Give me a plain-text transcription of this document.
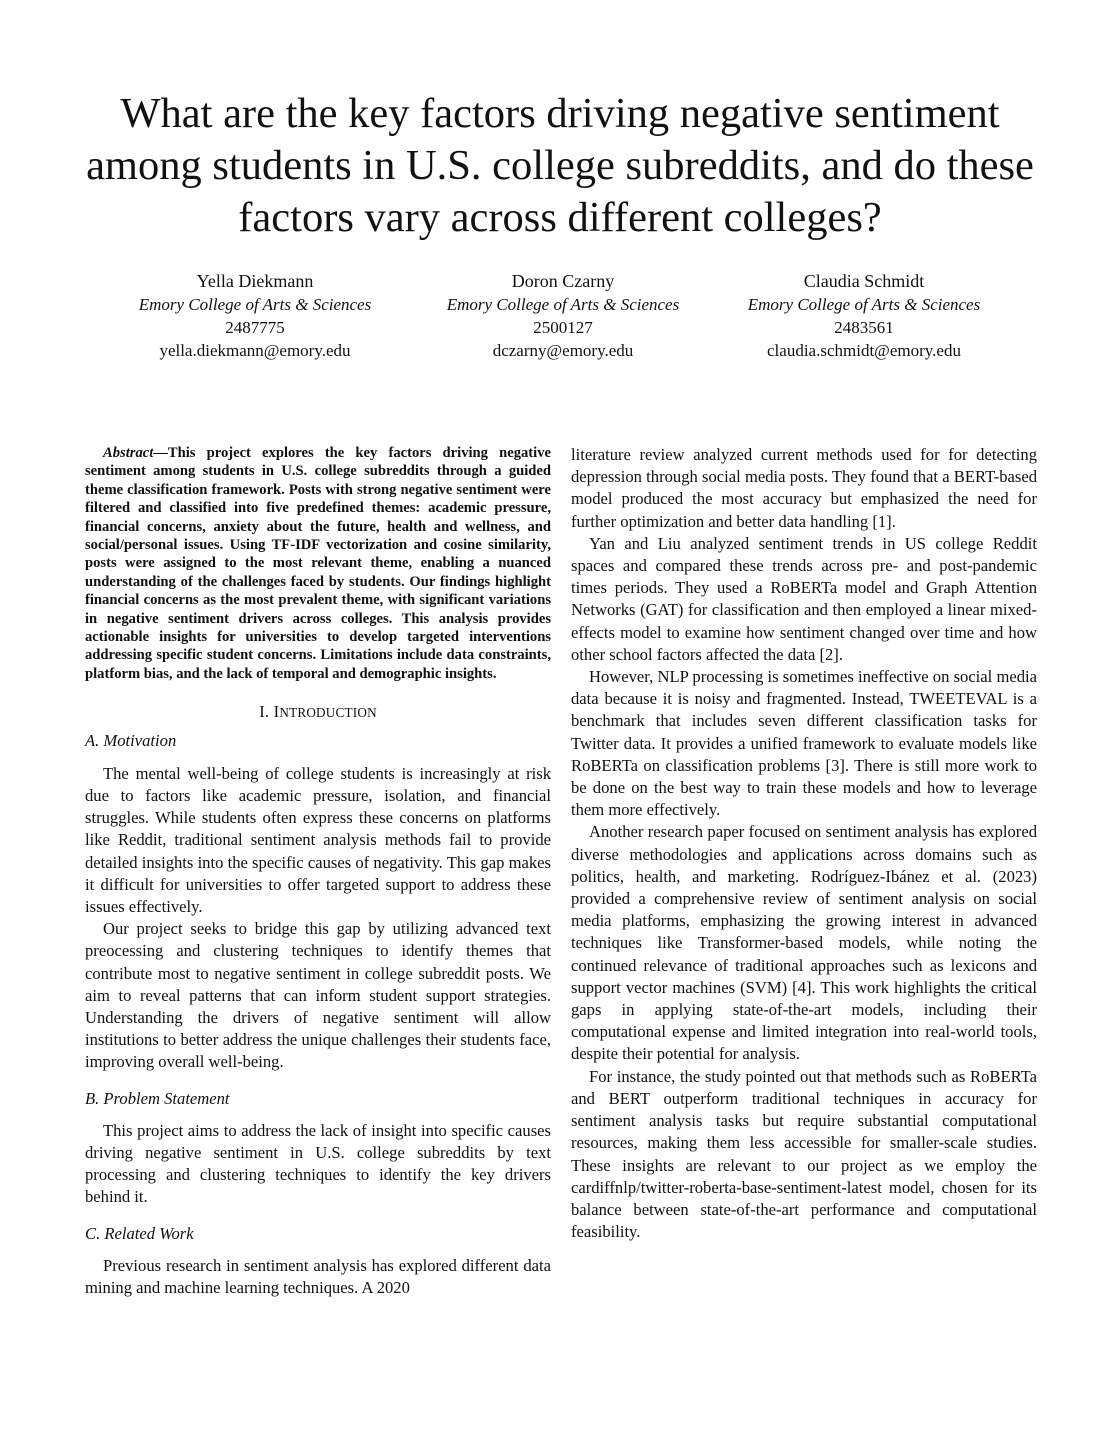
What are the key factors driving negative sentiment among students in U.S. college subreddits, and do these factors vary across different colleges?
Yella Diekmann
Emory College of Arts & Sciences
2487775
yella.diekmann@emory.edu
Doron Czarny
Emory College of Arts & Sciences
2500127
dczarny@emory.edu
Claudia Schmidt
Emory College of Arts & Sciences
2483561
claudia.schmidt@emory.edu

Abstract—This project explores the key factors driving negative sentiment among students in U.S. college subreddits through a guided theme classification framework. Posts with strong negative sentiment were filtered and classified into five predefined themes: academic pressure, financial concerns, anxiety about the future, health and wellness, and social/personal issues. Using TF-IDF vectorization and cosine similarity, posts were assigned to the most relevant theme, enabling a nuanced understanding of the challenges faced by students. Our findings highlight financial concerns as the most prevalent theme, with significant variations in negative sentiment drivers across colleges. This analysis provides actionable insights for universities to develop targeted interventions addressing specific student concerns. Limitations include data constraints, platform bias, and the lack of temporal and demographic insights.

I. INTRODUCTION
A. Motivation

The mental well-being of college students is increasingly at risk due to factors like academic pressure, isolation, and financial struggles. While students often express these concerns on platforms like Reddit, traditional sentiment analysis methods fail to provide detailed insights into the specific causes of negativity. This gap makes it difficult for universities to offer targeted support to address these issues effectively.

Our project seeks to bridge this gap by utilizing advanced text preocessing and clustering techniques to identify themes that contribute most to negative sentiment in college subreddit posts. We aim to reveal patterns that can inform student support strategies. Understanding the drivers of negative sentiment will allow institutions to better address the unique challenges their students face, improving overall well-being.

B. Problem Statement

This project aims to address the lack of insight into specific causes driving negative sentiment in U.S. college subreddits by text processing and clustering techniques to identify the key drivers behind it.

C. Related Work

Previous research in sentiment analysis has explored different data mining and machine learning techniques. A 2020

literature review analyzed current methods used for for detecting depression through social media posts. They found that a BERT-based model produced the most accuracy but emphasized the need for further optimization and better data handling [1].

Yan and Liu analyzed sentiment trends in US college Reddit spaces and compared these trends across pre- and post-pandemic times periods. They used a RoBERTa model and Graph Attention Networks (GAT) for classification and then employed a linear mixed-effects model to examine how sentiment changed over time and how other school factors affected the data [2].

However, NLP processing is sometimes ineffective on social media data because it is noisy and fragmented. Instead, TWEETEVAL is a benchmark that includes seven different classification tasks for Twitter data. It provides a unified framework to evaluate models like RoBERTa on classification problems [3]. There is still more work to be done on the best way to train these models and how to leverage them more effectively.

Another research paper focused on sentiment analysis has explored diverse methodologies and applications across domains such as politics, health, and marketing. Rodríguez-Ibánez et al. (2023) provided a comprehensive review of sentiment analysis on social media platforms, emphasizing the growing interest in advanced techniques like Transformer-based models, while noting the continued relevance of traditional approaches such as lexicons and support vector machines (SVM) [4]. This work highlights the critical gaps in applying state-of-the-art models, including their computational expense and limited integration into real-world tools, despite their potential for analysis.

For instance, the study pointed out that methods such as RoBERTa and BERT outperform traditional techniques in accuracy for sentiment analysis tasks but require substantial computational resources, making them less accessible for smaller-scale studies. These insights are relevant to our project as we employ the cardiffnlp/twitter-roberta-base-sentiment-latest model, chosen for its balance between state-of-the-art performance and computational feasibility.
